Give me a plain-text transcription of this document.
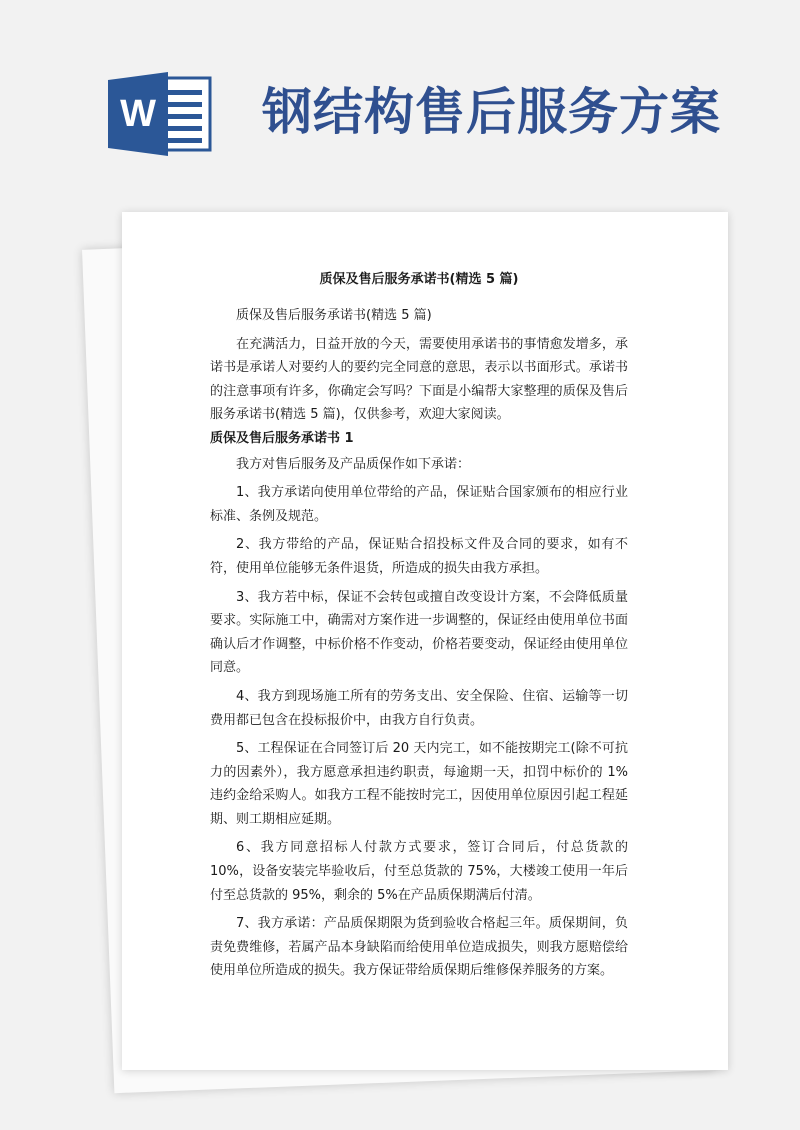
W 钢结构售后服务方案
质保及售后服务承诺书(精选 5 篇)

质保及售后服务承诺书(精选 5 篇)

在充满活力，日益开放的今天，需要使用承诺书的事情愈发增多，承诺书是承诺人对要约人的要约完全同意的意思，表示以书面形式。承诺书的注意事项有许多，你确定会写吗？下面是小编帮大家整理的质保及售后服务承诺书(精选 5 篇)，仅供参考，欢迎大家阅读。

质保及售后服务承诺书 1

我方对售后服务及产品质保作如下承诺：

1、我方承诺向使用单位带给的产品，保证贴合国家颁布的相应行业标准、条例及规范。

2、我方带给的产品，保证贴合招投标文件及合同的要求，如有不符，使用单位能够无条件退货，所造成的损失由我方承担。

3、我方若中标，保证不会转包或擅自改变设计方案，不会降低质量要求。实际施工中，确需对方案作进一步调整的，保证经由使用单位书面确认后才作调整，中标价格不作变动，价格若要变动，保证经由使用单位同意。

4、我方到现场施工所有的劳务支出、安全保险、住宿、运输等一切费用都已包含在投标报价中，由我方自行负责。

5、工程保证在合同签订后 20 天内完工，如不能按期完工(除不可抗力的因素外），我方愿意承担违约职责，每逾期一天，扣罚中标价的 1%违约金给采购人。如我方工程不能按时完工，因使用单位原因引起工程延期、则工期相应延期。

6、我方同意招标人付款方式要求，签订合同后，付总货款的 10%，设备安装完毕验收后，付至总货款的 75%，大楼竣工使用一年后付至总货款的 95%，剩余的 5%在产品质保期满后付清。

7、我方承诺：产品质保期限为货到验收合格起三年。质保期间，负责免费维修，若属产品本身缺陷而给使用单位造成损失，则我方愿赔偿给使用单位所造成的损失。我方保证带给质保期后维修保养服务的方案。
